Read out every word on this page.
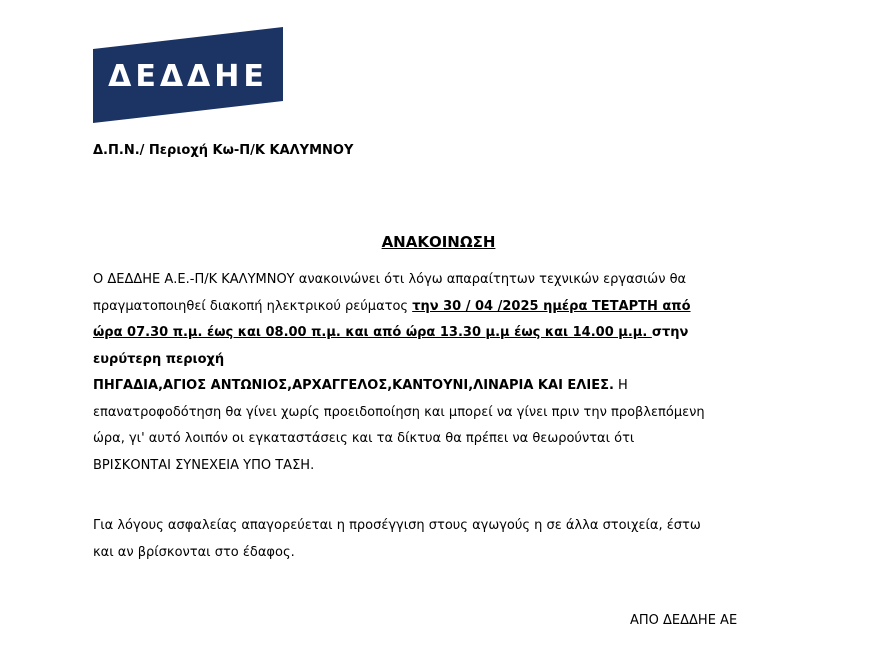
ΔΕΔΔΗΕ
Δ.Π.Ν./ Περιοχή Κω-Π/Κ ΚΑΛΥΜΝΟΥ
ΑΝΑΚΟΙΝΩΣΗ

Ο ΔΕΔΔΗΕ Α.Ε.-Π/Κ ΚΑΛΥΜΝΟΥ ανακοινώνει ότι λόγω απαραίτητων τεχνικών εργασιών θα

πραγματοποιηθεί διακοπή ηλεκτρικού ρεύματος την 30 / 04 /2025 ημέρα ΤΕΤΑΡΤΗ από

ώρα 07.30 π.μ. έως και 08.00 π.μ. και από ώρα 13.30 μ.μ έως και 14.00 μ.μ. στην

ευρύτερη περιοχή

ΠΗΓΑΔΙΑ,ΑΓΙΟΣ ΑΝΤΩΝΙΟΣ,ΑΡΧΑΓΓΕΛΟΣ,ΚΑΝΤΟΥΝΙ,ΛΙΝΑΡΙΑ ΚΑΙ ΕΛΙΕΣ. Η

επανατροφοδότηση θα γίνει χωρίς προειδοποίηση και μπορεί να γίνει πριν την προβλεπόμενη

ώρα, γι' αυτό λοιπόν οι εγκαταστάσεις και τα δίκτυα θα πρέπει να θεωρούνται ότι

ΒΡΙΣΚΟΝΤΑΙ ΣΥΝΕΧΕΙΑ ΥΠΟ ΤΑΣΗ.

Για λόγους ασφαλείας απαγορεύεται η προσέγγιση στους αγωγούς η σε άλλα στοιχεία, έστω

και αν βρίσκονται στο έδαφος.

ΑΠΟ ΔΕΔΔΗΕ ΑΕ
